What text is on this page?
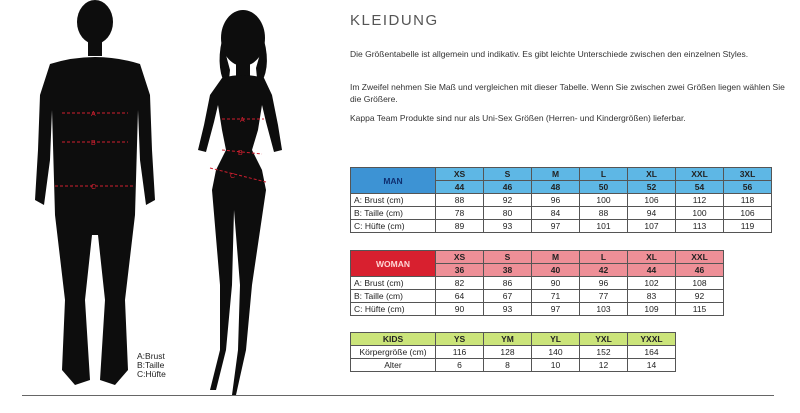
A
B
C
A
B
C
A:Brust
B:Taille
C:Hüfte
KLEIDUNG
Die Größentabelle ist allgemein und indikativ. Es gibt leichte Unterschiede zwischen den einzelnen Styles.
Im Zweifel nehmen Sie Maß und vergleichen mit dieser Tabelle. Wenn Sie zwischen zwei Größen liegen wählen Sie die Größere.
Kappa Team Produkte sind nur als Uni-Sex Größen (Herren- und Kindergrößen) lieferbar.
MAN	XS	S	M	L	XL	XXL	3XL
	44	46	48	50	52	54	56
A: Brust (cm)	88	92	96	100	106	112	118
B: Taille (cm)	78	80	84	88	94	100	106
C: Hüfte (cm)	89	93	97	101	107	113	119
WOMAN	XS	S	M	L	XL	XXL
	36	38	40	42	44	46
A: Brust (cm)	82	86	90	96	102	108
B: Taille (cm)	64	67	71	77	83	92
C: Hüfte (cm)	90	93	97	103	109	115
KIDS	YS	YM	YL	YXL	YXXL
Körpergröße (cm)	116	128	140	152	164
Alter	6	8	10	12	14
